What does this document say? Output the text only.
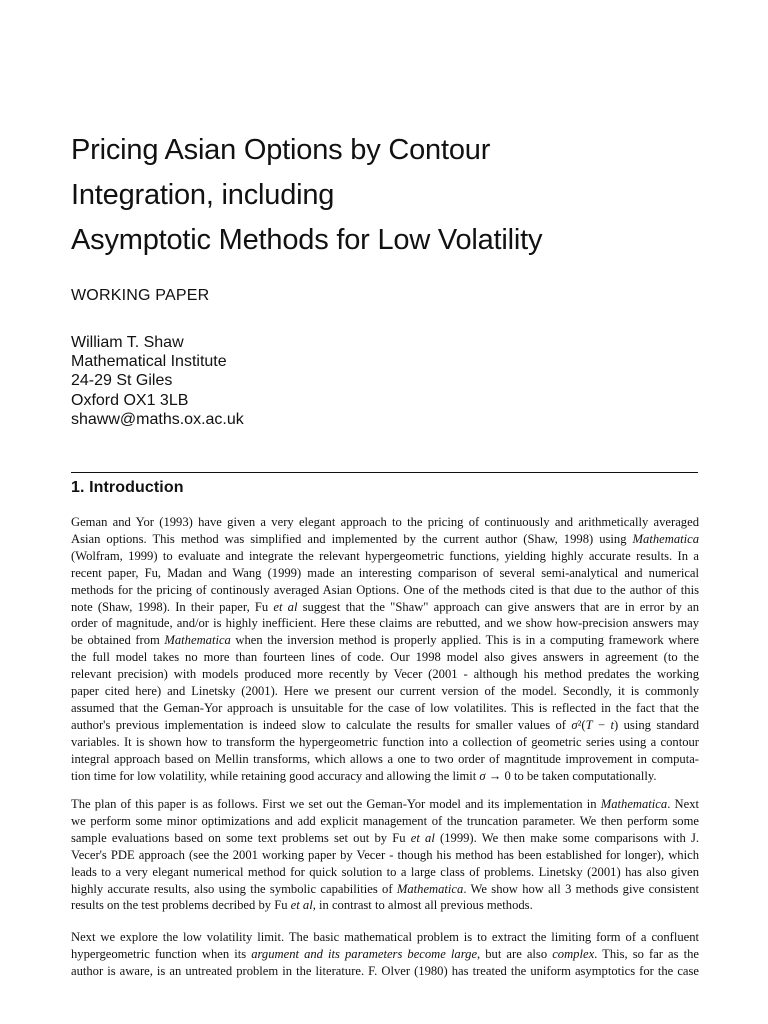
Pricing Asian Options by Contour
Integration, including
Asymptotic Methods for Low Volatility

WORKING PAPER

William T. Shaw
Mathematical Institute
24-29 St Giles
Oxford OX1 3LB
shaww@maths.ox.ac.uk
1. Introduction
Geman and Yor (1993) have given a very elegant approach to the pricing of continuously and arithmetically averaged
Asian options. This method was simplified and implemented by the current author (Shaw, 1998) using Mathematica
(Wolfram, 1999) to evaluate and integrate the relevant hypergeometric functions, yielding highly accurate results. In a
recent paper, Fu, Madan and Wang (1999) made an interesting comparison of several semi-analytical and numerical
methods for the pricing of continously averaged Asian Options. One of the methods cited is that due to the author of this
note (Shaw, 1998). In their paper, Fu et al suggest that the "Shaw" approach can give answers that are in error by an
order of magnitude, and/or is highly inefficient. Here these claims are rebutted, and we show how-precision answers may
be obtained from Mathematica when the inversion method is properly applied. This is in a computing framework where
the full model takes no more than fourteen lines of code. Our 1998 model also gives answers in agreement (to the
relevant precision) with models produced more recently by Vecer (2001 - although his method predates the working
paper cited here) and Linetsky (2001). Here we present our current version of the model. Secondly, it is commonly
assumed that the Geman-Yor approach is unsuitable for the case of low volatilites. This is reflected in the fact that the
author's previous implementation is indeed slow to calculate the results for smaller values of σ²(T − t) using standard
variables. It is shown how to transform the hypergeometric function into a collection of geometric series using a contour
integral approach based on Mellin transforms, which allows a one to two order of magntitude improvement in computa-
tion time for low volatility, while retaining good accuracy and allowing the limit σ → 0 to be taken computationally.
The plan of this paper is as follows. First we set out the Geman-Yor model and its implementation in Mathematica. Next
we perform some minor optimizations and add explicit management of the truncation parameter. We then perform some
sample evaluations based on some text problems set out by Fu et al (1999). We then make some comparisons with J.
Vecer's PDE approach (see the 2001 working paper by Vecer - though his method has been established for longer), which
leads to a very elegant numerical method for quick solution to a large class of problems. Linetsky (2001) has also given
highly accurate results, also using the symbolic capabilities of Mathematica. We show how all 3 methods give consistent
results on the test problems decribed by Fu et al, in contrast to almost all previous methods.
Next we explore the low volatility limit. The basic mathematical problem is to extract the limiting form of a confluent
hypergeometric function when its argument and its parameters become large, but are also complex. This, so far as the
author is aware, is an untreated problem in the literature. F. Olver (1980) has treated the uniform asymptotics for the case
